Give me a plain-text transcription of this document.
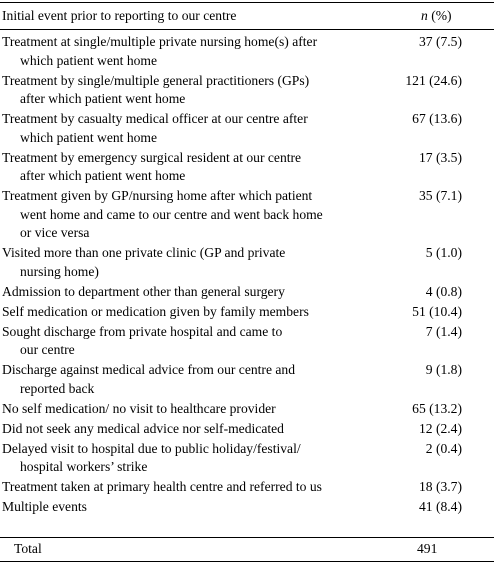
Initial event prior to reporting to our centre	n (%)
Treatment at single/multiple private nursing home(s) after
which patient went home
37 (7.5)
Treatment by single/multiple general practitioners (GPs)
after which patient went home
121 (24.6)
Treatment by casualty medical officer at our centre after
which patient went home
67 (13.6)
Treatment by emergency surgical resident at our centre
after which patient went home
17 (3.5)
Treatment given by GP/nursing home after which patient
went home and came to our centre and went back home
or vice versa
35 (7.1)
Visited more than one private clinic (GP and private
nursing home)
5 (1.0)
Admission to department other than general surgery	4 (0.8)
Self medication or medication given by family members	51 (10.4)
Sought discharge from private hospital and came to
our centre
7 (1.4)
Discharge against medical advice from our centre and
reported back
9 (1.8)
No self medication/ no visit to healthcare provider	65 (13.2)
Did not seek any medical advice nor self-medicated	12 (2.4)
Delayed visit to hospital due to public holiday/festival/
hospital workers’ strike
2 (0.4)
Treatment taken at primary health centre and referred to us	18 (3.7)
Multiple events	41 (8.4)
Total	491
